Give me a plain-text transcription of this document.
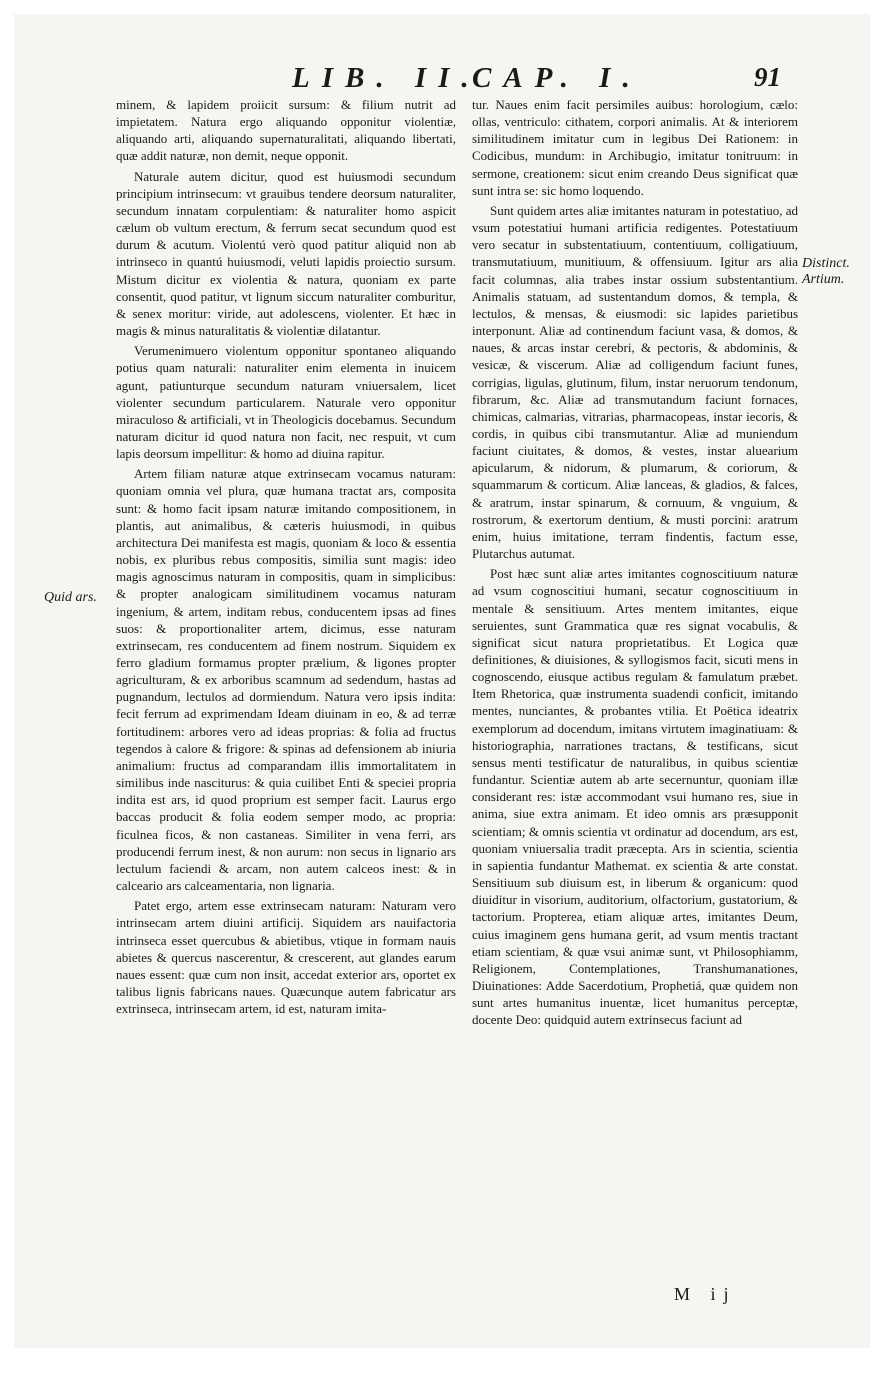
LIB. II.
CAP. I.	91
Quid ars.
Distinct. Artium.

minem, & lapidem proiicit sursum: & filium nutrit ad impietatem. Natura ergo aliquando opponitur violentiæ, aliquando arti, aliquando supernaturalitati, aliquando libertati, quæ addit naturæ, non demit, neque opponit.

Naturale autem dicitur, quod est huiusmodi secundum principium intrinsecum: vt grauibus tendere deorsum naturaliter, secundum innatam corpulentiam: & naturaliter homo aspicit cælum ob vultum erectum, & ferrum secat secundum quod est durum & acutum. Violentú verò quod patitur aliquid non ab intrinseco in quantú huiusmodi, veluti lapidis proiectio sursum. Mistum dicitur ex violentia & natura, quoniam ex parte consentit, quod patitur, vt lignum siccum naturaliter comburitur, & senex moritur: viride, aut adolescens, violenter. Et hæc in magis & minus naturalitatis & violentiæ dilatantur.

Verumenimuero violentum opponitur spontaneo aliquando potius quam naturali: naturaliter enim elementa in inuicem agunt, patiunturque secundum naturam vniuersalem, licet violenter secundum particularem. Naturale vero opponitur miraculoso & artificiali, vt in Theologicis docebamus. Secundum naturam dicitur id quod natura non facit, nec respuit, vt cum lapis deorsum impellitur: & homo ad diuina rapitur.

Artem filiam naturæ atque extrinsecam vocamus naturam: quoniam omnia vel plura, quæ humana tractat ars, composita sunt: & homo facit ipsam naturæ imitando compositionem, in plantis, aut animalibus, & cæteris huiusmodi, in quibus architectura Dei manifesta est magis, quoniam & loco & essentia nobis, ex pluribus rebus compositis, similia sunt magis: ideo magis agnoscimus naturam in compositis, quam in simplicibus: & propter analogicam similitudinem vocamus naturam ingenium, & artem, inditam rebus, conducentem ipsas ad fines suos: & proportionaliter artem, dicimus, esse naturam extrinsecam, res conducentem ad finem nostrum. Siquidem ex ferro gladium formamus propter prælium, & ligones propter agriculturam, & ex arboribus scamnum ad sedendum, hastas ad pugnandum, lectulos ad dormiendum. Natura vero ipsis indita: fecit ferrum ad exprimendam Ideam diuinam in eo, & ad terræ fortitudinem: arbores vero ad ideas proprias: & folia ad fructus tegendos à calore & frigore: & spinas ad defensionem ab iniuria animalium: fructus ad comparandam illis immortalitatem in similibus inde nasciturus: & quia cuilibet Enti & speciei propria indita est ars, id quod proprium est semper facit. Laurus ergo baccas producit & folia eodem semper modo, ac propria: ficulnea ficos, & non castaneas. Similiter in vena ferri, ars producendi ferrum inest, & non aurum: non secus in lignario ars lectulum faciendi & arcam, non autem calceos inest: & in calceario ars calceamentaria, non lignaria.

Patet ergo, artem esse extrinsecam naturam: Naturam vero intrinsecam artem diuini artificij. Siquidem ars nauifactoria intrinseca esset quercubus & abietibus, vtique in formam nauis abietes & quercus nascerentur, & crescerent, aut glandes earum naues essent: quæ cum non insit, accedat exterior ars, oportet ex talibus lignis fabricans naues. Quæcunque autem fabricatur ars extrinseca, intrinsecam artem, id est, naturam imita-

tur. Naues enim facit persimiles auibus: horologium, cælo: ollas, ventriculo: cithatem, corpori animalis. At & interiorem similitudinem imitatur cum in legibus Dei Rationem: in Codicibus, mundum: in Archibugio, imitatur tonitruum: in sermone, creationem: sicut enim creando Deus significat quæ sunt intra se: sic homo loquendo.

Sunt quidem artes aliæ imitantes naturam in potestatiuo, ad vsum potestatiui humani artificia redigentes. Potestatiuum vero secatur in substentatiuum, contentiuum, colligatiuum, transmutatiuum, munitiuum, & offensiuum. Igitur ars alia facit columnas, alia trabes instar ossium substentantium. Animalis statuam, ad sustentandum domos, & templa, & lectulos, & mensas, & eiusmodi: sic lapides parietibus interponunt. Aliæ ad continendum faciunt vasa, & domos, & naues, & arcas instar cerebri, & pectoris, & abdominis, & vesicæ, & viscerum. Aliæ ad colligendum faciunt funes, corrigias, ligulas, glutinum, filum, instar neruorum tendonum, fibrarum, &c. Aliæ ad transmutandum faciunt fornaces, chimicas, calmarias, vitrarias, pharmacopeas, instar iecoris, & cordis, in quibus cibi transmutantur. Aliæ ad muniendum faciunt ciuitates, & domos, & vestes, instar aluearium apicularum, & nidorum, & plumarum, & coriorum, & squammarum & corticum. Aliæ lanceas, & gladios, & falces, & aratrum, instar spinarum, & cornuum, & vnguium, & rostrorum, & exertorum dentium, & musti porcini: aratrum enim, huius imitatione, terram findentis, factum esse, Plutarchus autumat.

Post hæc sunt aliæ artes imitantes cognoscitiuum naturæ ad vsum cognoscitiui humani, secatur cognoscitiuum in mentale & sensitiuum. Artes mentem imitantes, eique seruientes, sunt Grammatica quæ res signat vocabulis, & significat sicut natura proprietatibus. Et Logica quæ definitiones, & diuisiones, & syllogismos facit, sicuti mens in cognoscendo, eiusque actibus regulam & famulatum præbet. Item Rhetorica, quæ instrumenta suadendi conficit, imitando mentes, nunciantes, & probantes vtilia. Et Poëtica ideatrix exemplorum ad docendum, imitans virtutem imaginatiuam: & historiographia, narrationes tractans, & testificans, sicut sensus menti testificatur de naturalibus, in quibus scientiæ fundantur. Scientiæ autem ab arte secernuntur, quoniam illæ considerant res: istæ accommodant vsui humano res, siue in anima, siue extra animam. Et ideo omnis ars præsupponit scientiam; & omnis scientia vt ordinatur ad docendum, ars est, quoniam vniuersalia tradit præcepta. Ars in scientia, scientia in sapientia fundantur Mathemat. ex scientia & arte constat. Sensitiuum sub diuisum est, in liberum & organicum: quod diuiditur in visorium, auditorium, olfactorium, gustatorium, & tactorium. Propterea, etiam aliquæ artes, imitantes Deum, cuius imaginem gens humana gerit, ad vsum mentis tractant etiam scientiam, & quæ vsui animæ sunt, vt Philosophiamm, Religionem, Contemplationes, Transhumanationes, Diuinationes: Adde Sacerdotium, Prophetiá, quæ quidem non sunt artes humanitus inuentæ, licet humanitus perceptæ, docente Deo: quidquid autem extrinsecus faciunt ad

M ij
